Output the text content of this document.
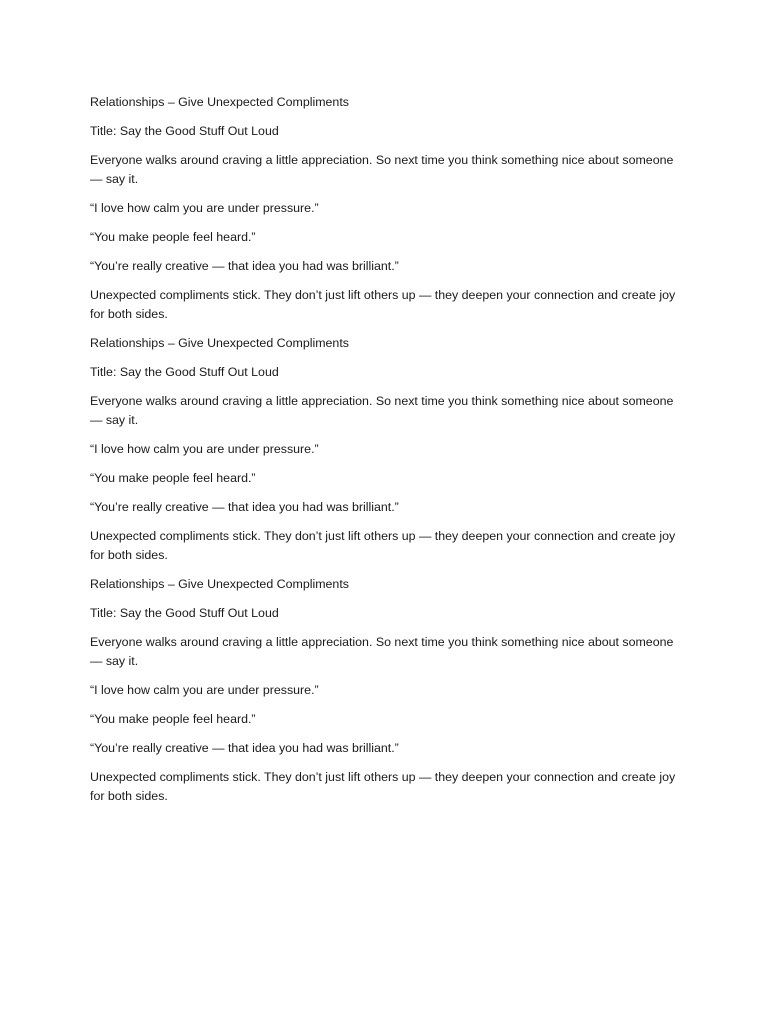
Relationships – Give Unexpected Compliments

Title: Say the Good Stuff Out Loud

Everyone walks around craving a little appreciation. So next time you think something nice about someone — say it.

“I love how calm you are under pressure.”

“You make people feel heard.”

“You’re really creative — that idea you had was brilliant.”

Unexpected compliments stick. They don’t just lift others up — they deepen your connection and create joy for both sides.

Relationships – Give Unexpected Compliments

Title: Say the Good Stuff Out Loud

Everyone walks around craving a little appreciation. So next time you think something nice about someone — say it.

“I love how calm you are under pressure.”

“You make people feel heard.”

“You’re really creative — that idea you had was brilliant.”

Unexpected compliments stick. They don’t just lift others up — they deepen your connection and create joy for both sides.

Relationships – Give Unexpected Compliments

Title: Say the Good Stuff Out Loud

Everyone walks around craving a little appreciation. So next time you think something nice about someone — say it.

“I love how calm you are under pressure.”

“You make people feel heard.”

“You’re really creative — that idea you had was brilliant.”

Unexpected compliments stick. They don’t just lift others up — they deepen your connection and create joy for both sides.
